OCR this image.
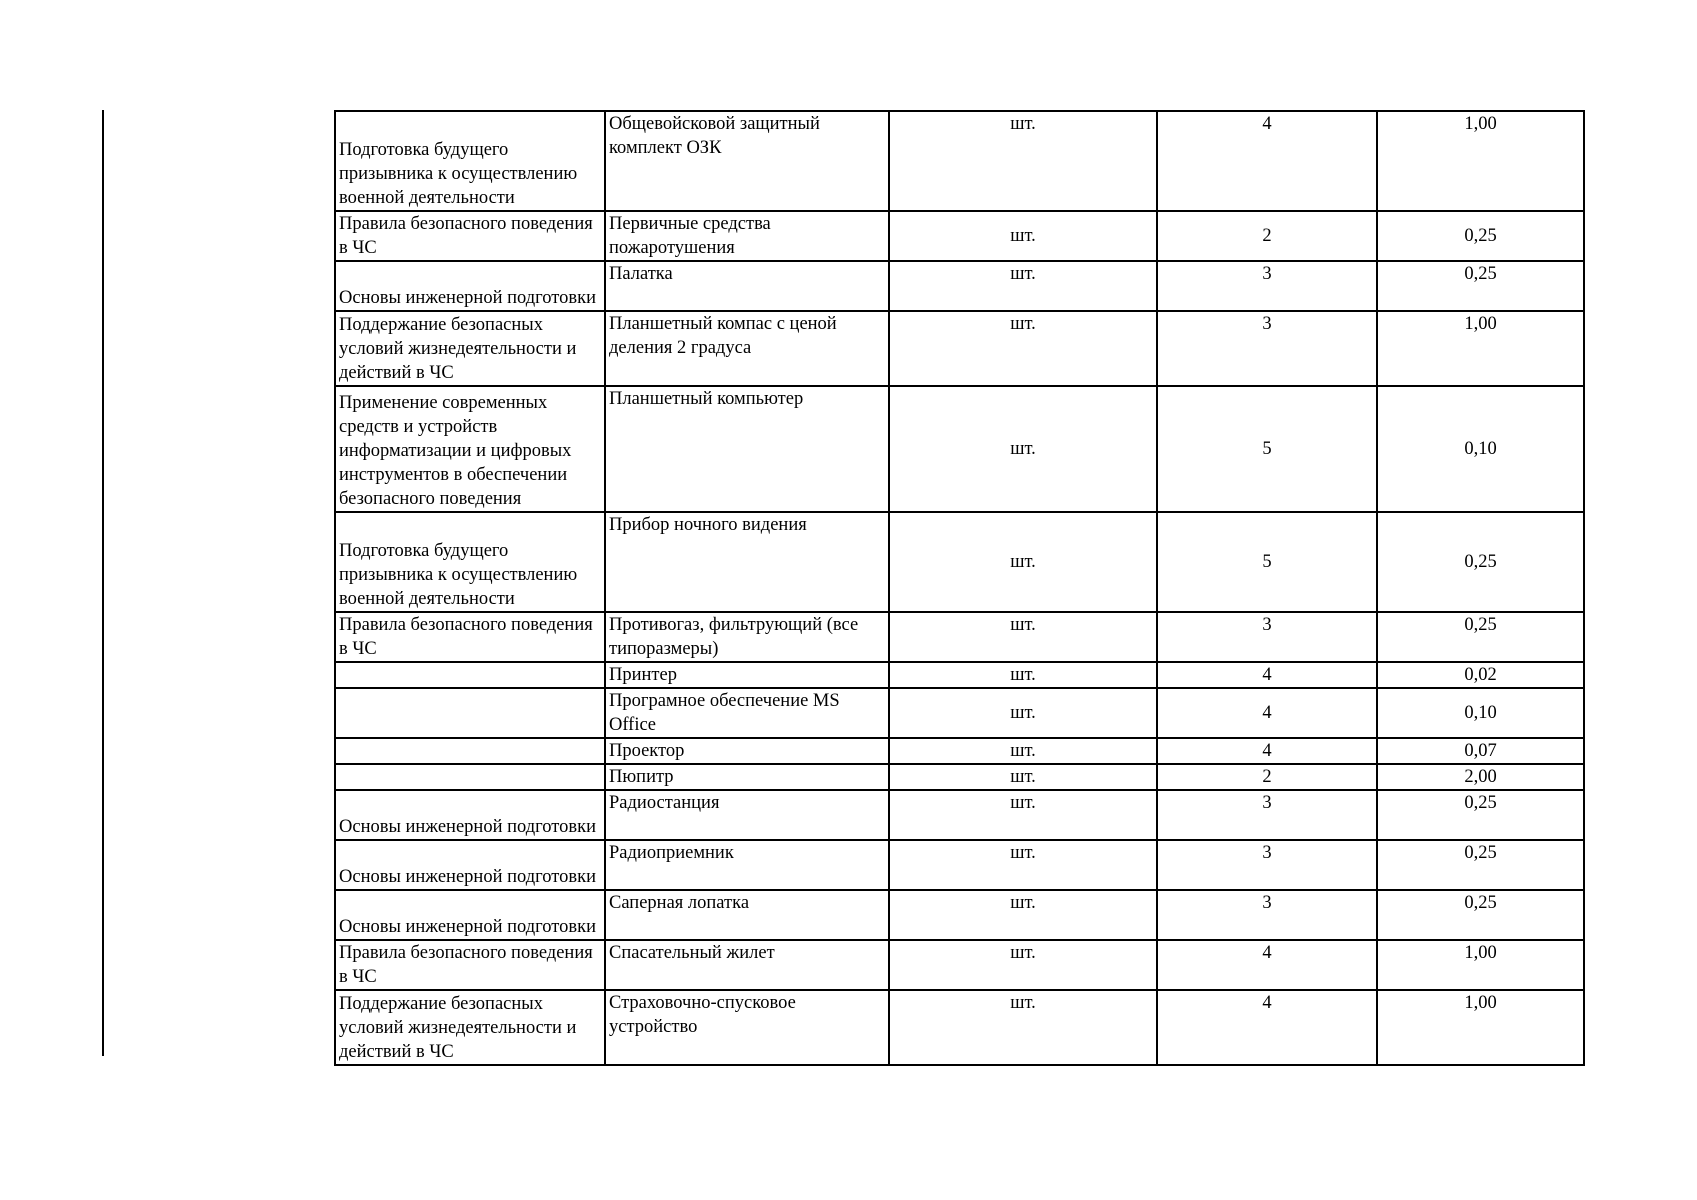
Подготовка будущего призывника к осуществлению военной деятельности	Общевойсковой защитный комплект ОЗК	шт.	4	1,00
Правила безопасного поведения в ЧС	Первичные средства пожаротушения	шт.	2	0,25
Основы инженерной подготовки	Палатка	шт.	3	0,25
Поддержание безопасных условий жизнедеятельности и действий в ЧС	Планшетный компас с ценой деления 2 градуса	шт.	3	1,00
Применение современных средств и устройств информатизации и цифровых инструментов в обеспечении безопасного поведения	Планшетный компьютер	шт.	5	0,10
Подготовка будущего призывника к осуществлению военной деятельности	Прибор ночного видения	шт.	5	0,25
Правила безопасного поведения в ЧС	Противогаз, фильтрующий (все типоразмеры)	шт.	3	0,25
	Принтер	шт.	4	0,02
	Програмное обеспечение MS Office	шт.	4	0,10
	Проектор	шт.	4	0,07
	Пюпитр	шт.	2	2,00
Основы инженерной подготовки	Радиостанция	шт.	3	0,25
Основы инженерной подготовки	Радиоприемник	шт.	3	0,25
Основы инженерной подготовки	Саперная лопатка	шт.	3	0,25
Правила безопасного поведения в ЧС	Спасательный жилет	шт.	4	1,00
Поддержание безопасных условий жизнедеятельности и действий в ЧС	Страховочно-спусковое устройство	шт.	4	1,00
